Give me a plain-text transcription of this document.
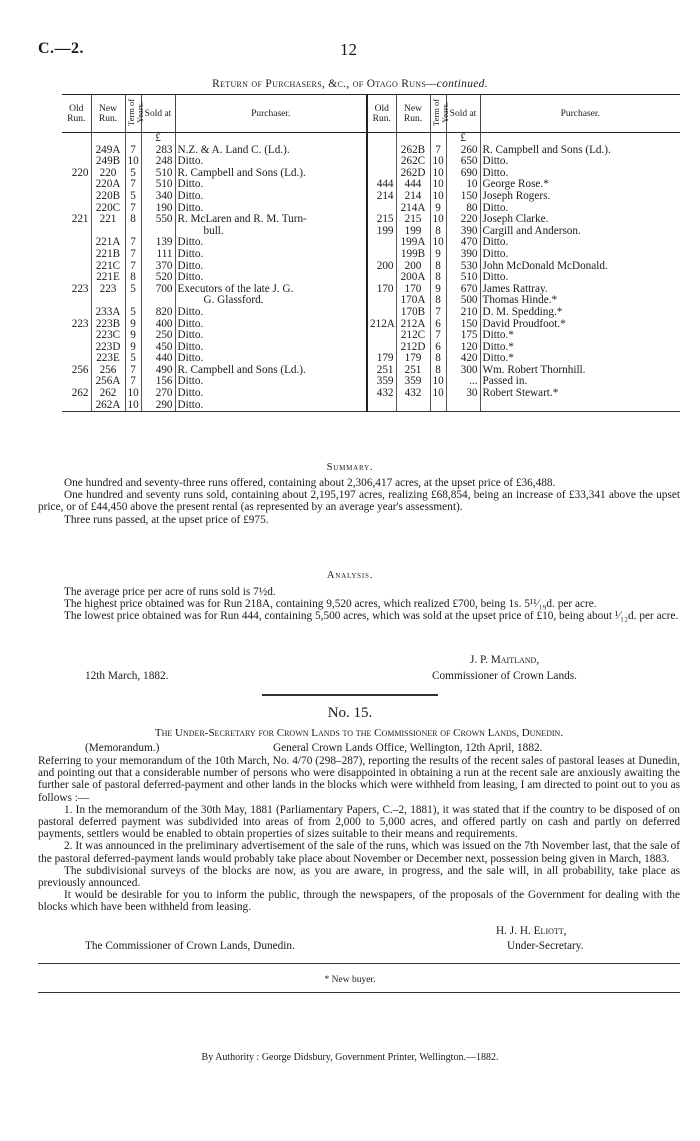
C.—2.	12
Return of Purchasers, &c., of Otago Runs—continued.
Old Run.	New Run.	Term of Years.	Sold at	Purchaser.	Old Run.	New Run.	Term of Years.	Sold at	Purchaser.
			£					£	
	249A	7	283	N.Z. & A. Land C. (Ld.).		262B	7	260	R. Campbell and Sons (Ld.).
	249B	10	248	Ditto.		262C	10	650	Ditto.
220	220	5	510	R. Campbell and Sons (Ld.).		262D	10	690	Ditto.
	220A	7	510	Ditto.	444	444	10	10	George Rose.*
	220B	5	340	Ditto.	214	214	10	150	Joseph Rogers.
	220C	7	190	Ditto.		214A	9	80	Ditto.
221	221	8	550	R. McLaren and R. M. Turn-	215	215	10	220	Joseph Clarke.
				bull.	199	199	8	390	Cargill and Anderson.
	221A	7	139	Ditto.		199A	10	470	Ditto.
	221B	7	111	Ditto.		199B	9	390	Ditto.
	221C	7	370	Ditto.	200	200	8	530	John McDonald McDonald.
	221E	8	520	Ditto.		200A	8	510	Ditto.
223	223	5	700	Executors of the late J. G.	170	170	9	670	James Rattray.
				G. Glassford.		170A	8	500	Thomas Hinde.*
	233A	5	820	Ditto.		170B	7	210	D. M. Spedding.*
223	223B	9	400	Ditto.	212A	212A	6	150	David Proudfoot.*
	223C	9	250	Ditto.		212C	7	175	Ditto.*
	223D	9	450	Ditto.		212D	6	120	Ditto.*
	223E	5	440	Ditto.	179	179	8	420	Ditto.*
256	256	7	490	R. Campbell and Sons (Ld.).	251	251	8	300	Wm. Robert Thornhill.
	256A	7	156	Ditto.	359	359	10	...	Passed in.
262	262	10	270	Ditto.	432	432	10	30	Robert Stewart.*
	262A	10	290	Ditto.					
Summary.

One hundred and seventy-three runs offered, containing about 2,306,417 acres, at the upset price of £36,488.

One hundred and seventy runs sold, containing about 2,195,197 acres, realizing £68,854, being an increase of £33,341 above the upset price, or of £44,450 above the present rental (as represented by an average year's assessment).

Three runs passed, at the upset price of £975.

Analysis.

The average price per acre of runs sold is 7½d.

The highest price obtained was for Run 218A, containing 9,520 acres, which realized £700, being 1s. 5¹¹⁄₁₉d. per acre.

The lowest price obtained was for Run 444, containing 5,500 acres, which was sold at the upset price of £10, being about ¹⁄₁₂d. per acre.

J. P. Maitland,
12th March, 1882.	Commissioner of Crown Lands.
No. 15.
The Under-Secretary for Crown Lands to the Commissioner of Crown Lands, Dunedin.
(Memorandum.)	General Crown Lands Office, Wellington, 12th April, 1882.

Referring to your memorandum of the 10th March, No. 4/70 (298–287), reporting the results of the recent sales of pastoral leases at Dunedin, and pointing out that a considerable number of persons who were disappointed in obtaining a run at the recent sale are anxiously awaiting the further sale of pastoral deferred-payment and other lands in the blocks which were withheld from leasing, I am directed to point out to you as follows :—

1. In the memorandum of the 30th May, 1881 (Parliamentary Papers, C.–2, 1881), it was stated that if the country to be disposed of on pastoral deferred payment was subdivided into areas of from 2,000 to 5,000 acres, and offered partly on cash and partly on deferred payments, settlers would be enabled to obtain properties of sizes suitable to their means and requirements.

2. It was announced in the preliminary advertisement of the sale of the runs, which was issued on the 7th November last, that the sale of the pastoral deferred-payment lands would probably take place about November or December next, possession being given in March, 1883.

The subdivisional surveys of the blocks are now, as you are aware, in progress, and the sale will, in all probability, take place as previously announced.

It would be desirable for you to inform the public, through the newspapers, of the proposals of the Government for dealing with the blocks which have been withheld from leasing.

H. J. H. Eliott,
The Commissioner of Crown Lands, Dunedin.	Under-Secretary.
* New buyer.
By Authority : George Didsbury, Government Printer, Wellington.—1882.
